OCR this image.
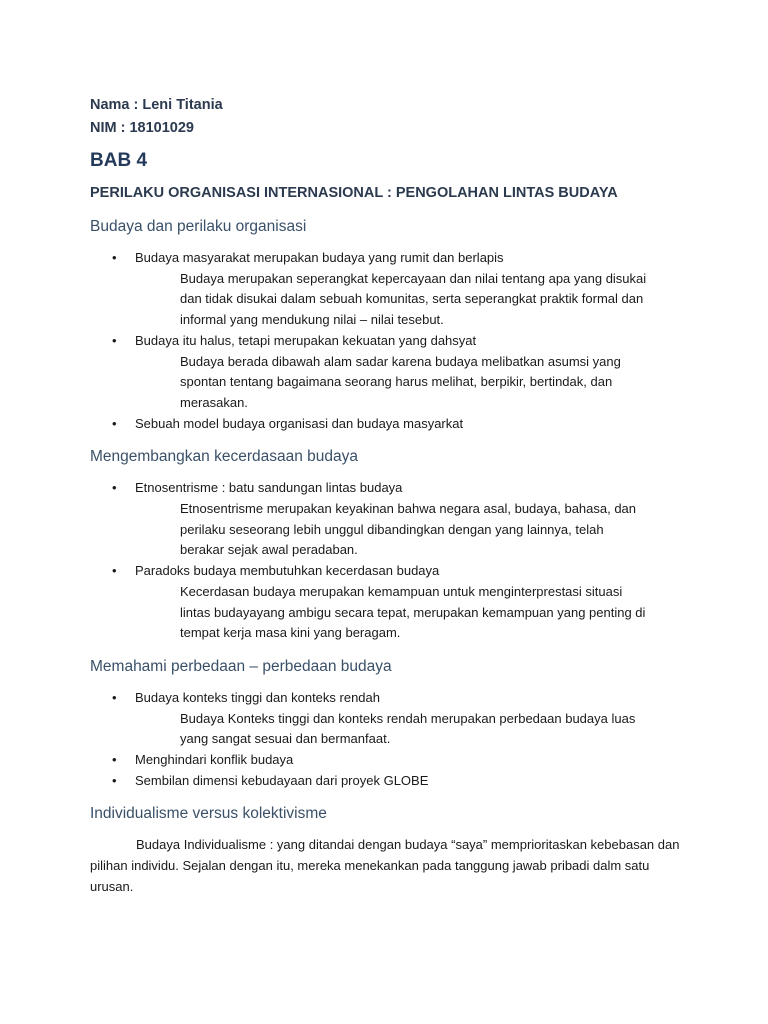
Nama : Leni Titania

NIM : 18101029

BAB 4
PERILAKU ORGANISASI INTERNASIONAL : PENGOLAHAN LINTAS BUDAYA
Budaya dan perilaku organisasi
• Budaya masyarakat merupakan budaya yang rumit dan berlapis
Budaya merupakan seperangkat kepercayaan dan nilai tentang apa yang disukai
dan tidak disukai dalam sebuah komunitas, serta seperangkat praktik formal dan
informal yang mendukung nilai – nilai tesebut.
• Budaya itu halus, tetapi merupakan kekuatan yang dahsyat
Budaya berada dibawah alam sadar karena budaya melibatkan asumsi yang
spontan tentang bagaimana seorang harus melihat, berpikir, bertindak, dan
merasakan.
• Sebuah model budaya organisasi dan budaya masyarkat
Mengembangkan kecerdasaan budaya
• Etnosentrisme : batu sandungan lintas budaya
Etnosentrisme merupakan keyakinan bahwa negara asal, budaya, bahasa, dan
perilaku seseorang lebih unggul dibandingkan dengan yang lainnya, telah
berakar sejak awal peradaban.
• Paradoks budaya membutuhkan kecerdasan budaya
Kecerdasan budaya merupakan kemampuan untuk menginterprestasi situasi
lintas budayayang ambigu secara tepat, merupakan kemampuan yang penting di
tempat kerja masa kini yang beragam.
Memahami perbedaan – perbedaan budaya
• Budaya konteks tinggi dan konteks rendah
Budaya Konteks tinggi dan konteks rendah merupakan perbedaan budaya luas
yang sangat sesuai dan bermanfaat.
• Menghindari konflik budaya
• Sembilan dimensi kebudayaan dari proyek GLOBE
Individualisme versus kolektivisme

Budaya Individualisme : yang ditandai dengan budaya “saya” memprioritaskan kebebasan dan pilihan individu. Sejalan dengan itu, mereka menekankan pada tanggung jawab pribadi dalm satu urusan.
